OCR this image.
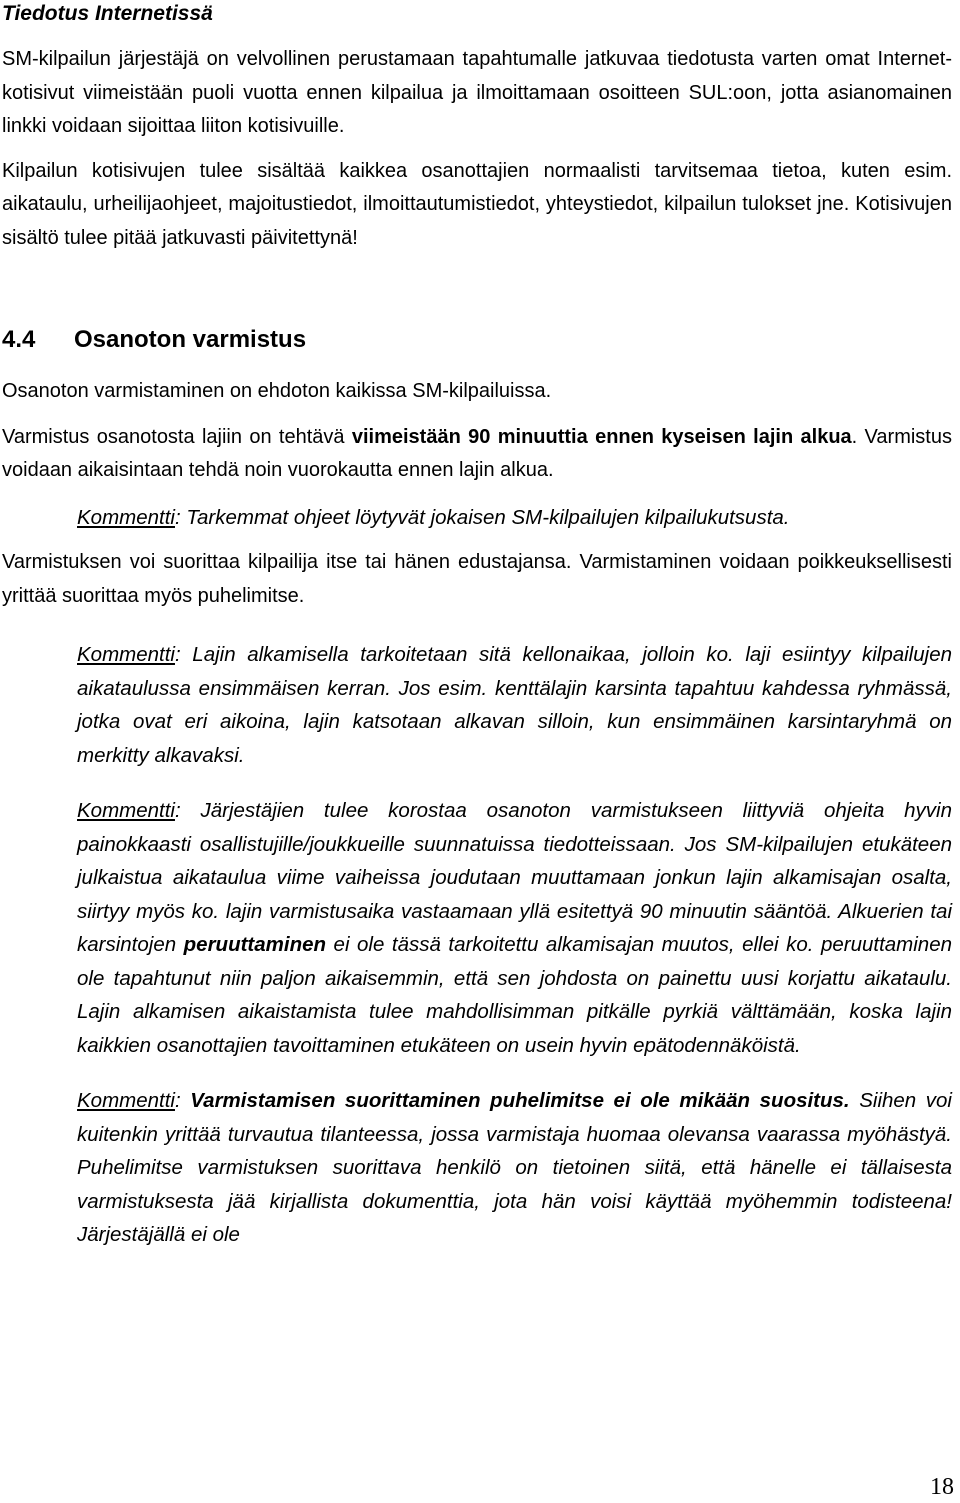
Tiedotus Internetissä

SM-kilpailun järjestäjä on velvollinen perustamaan tapahtumalle jatkuvaa tiedotusta varten omat Internet-kotisivut viimeistään puoli vuotta ennen kilpailua ja ilmoittamaan osoitteen SUL:oon, jotta asianomainen linkki voidaan sijoittaa liiton kotisivuille.

Kilpailun kotisivujen tulee sisältää kaikkea osanottajien normaalisti tarvitsemaa tietoa, kuten esim. aikataulu, urheilijaohjeet, majoitustiedot, ilmoittautumistiedot, yhteystiedot, kilpailun tulokset jne. Kotisivujen sisältö tulee pitää jatkuvasti päivitettynä!

4.4	Osanoton varmistus

Osanoton varmistaminen on ehdoton kaikissa SM-kilpailuissa.

Varmistus osanotosta lajiin on tehtävä viimeistään 90 minuuttia ennen kyseisen lajin alkua. Varmistus voidaan aikaisintaan tehdä noin vuorokautta ennen lajin alkua.

Kommentti: Tarkemmat ohjeet löytyvät jokaisen SM-kilpailujen kilpailukutsusta.

Varmistuksen voi suorittaa kilpailija itse tai hänen edustajansa. Varmistaminen voidaan poikkeuksellisesti yrittää suorittaa myös puhelimitse.

Kommentti: Lajin alkamisella tarkoitetaan sitä kellonaikaa, jolloin ko. laji esiintyy kilpailujen aikataulussa ensimmäisen kerran. Jos esim. kenttälajin karsinta tapahtuu kahdessa ryhmässä, jotka ovat eri aikoina, lajin katsotaan alkavan silloin, kun ensimmäinen karsintaryhmä on merkitty alkavaksi.

Kommentti: Järjestäjien tulee korostaa osanoton varmistukseen liittyviä ohjeita hyvin painokkaasti osallistujille/joukkueille suunnatuissa tiedotteissaan. Jos SM-kilpailujen etukäteen julkaistua aikataulua viime vaiheissa joudutaan muuttamaan jonkun lajin alkamisajan osalta, siirtyy myös ko. lajin varmistusaika vastaamaan yllä esitettyä 90 minuutin sääntöä. Alkuerien tai karsintojen peruuttaminen ei ole tässä tarkoitettu alkamisajan muutos, ellei ko. peruuttaminen ole tapahtunut niin paljon aikaisemmin, että sen johdosta on painettu uusi korjattu aikataulu. Lajin alkamisen aikaistamista tulee mahdollisimman pitkälle pyrkiä välttämään, koska lajin kaikkien osanottajien tavoittaminen etukäteen on usein hyvin epätodennäköistä.

Kommentti: Varmistamisen suorittaminen puhelimitse ei ole mikään suositus. Siihen voi kuitenkin yrittää turvautua tilanteessa, jossa varmistaja huomaa olevansa vaarassa myöhästyä. Puhelimitse varmistuksen suorittava henkilö on tietoinen siitä, että hänelle ei tällaisesta varmistuksesta jää kirjallista dokumenttia, jota hän voisi käyttää myöhemmin todisteena! Järjestäjällä ei ole

18
